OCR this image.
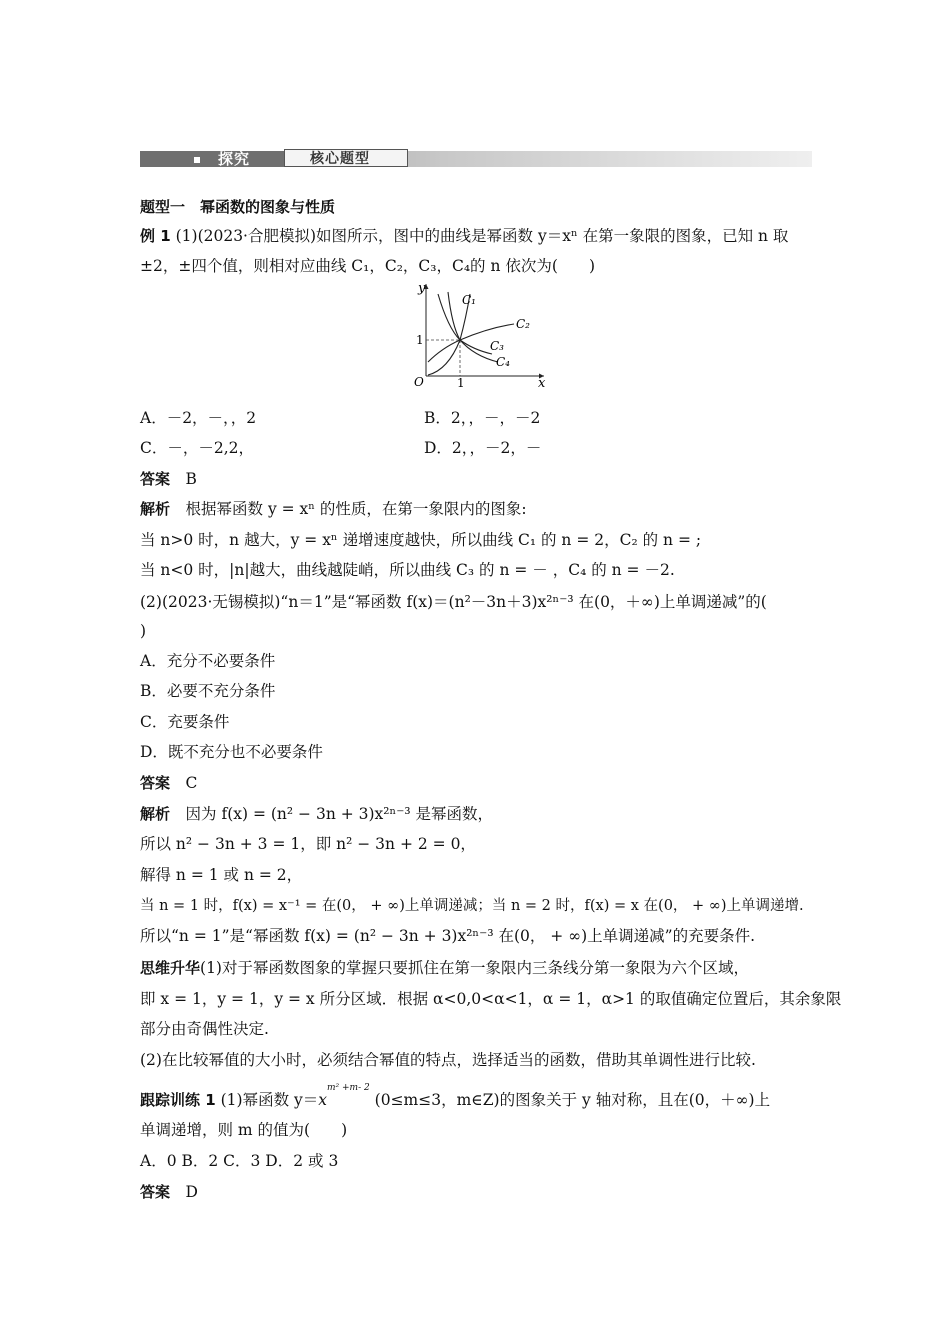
探究	核心题型
题型一　幂函数的图象与性质
例 1 (1)(2023·合肥模拟)如图所示，图中的曲线是幂函数 y＝xⁿ 在第一象限的图象，已知 n 取
±2，±四个值，则相对应曲线 C₁，C₂，C₃，C₄的 n 依次为(　　)
y
x
O	1
1
C₁
C₂
C₃
C₄
A．－2，－，，2	B．2，，－，－2
C．－，－2,2，	D．2，，－2，－
答案　 B
解析　 根据幂函数 y = xⁿ 的性质，在第一象限内的图象:
当 n>0 时，n 越大，y = xⁿ 递增速度越快，所以曲线 C₁ 的 n = 2，C₂ 的 n = ;
当 n<0 时，|n|越大，曲线越陡峭，所以曲线 C₃ 的 n = － ，C₄ 的 n = －2.
(2)(2023·无锡模拟)“n＝1”是“幂函数 f(x)＝(n²－3n＋3)x²ⁿ⁻³ 在(0，＋∞)上单调递减”的(
)
A．充分不必要条件
B．必要不充分条件
C．充要条件
D．既不充分也不必要条件
答案　 C
解析　 因为 f(x) = (n² − 3n + 3)x²ⁿ⁻³ 是幂函数，
所以 n² − 3n + 3 = 1，即 n² − 3n + 2 = 0，
解得 n = 1 或 n = 2，
当 n = 1 时，f(x) = x⁻¹ = 在(0， + ∞)上单调递减；当 n = 2 时，f(x) = x 在(0， + ∞)上单调递增.
所以“n = 1”是“幂函数 f(x) = (n² − 3n + 3)x²ⁿ⁻³ 在(0， + ∞)上单调递减”的充要条件.
思维升华(1)对于幂函数图象的掌握只要抓住在第一象限内三条线分第一象限为六个区域，
即 x = 1，y = 1，y = x 所分区域．根据 α<0,0<α<1，α = 1，α>1 的取值确定位置后，其余象限
部分由奇偶性决定.
(2)在比较幂值的大小时，必须结合幂值的特点，选择适当的函数，借助其单调性进行比较.
跟踪训练 1 (1)幂函数 $y=x^{m^2 +m- 2}$ (0≤m≤3，m∈Z)的图象关于 y 轴对称，且在(0，＋∞)上
单调递增，则 m 的值为(　　)
A．0 B．2 C．3 D．2 或 3
答案　 D
